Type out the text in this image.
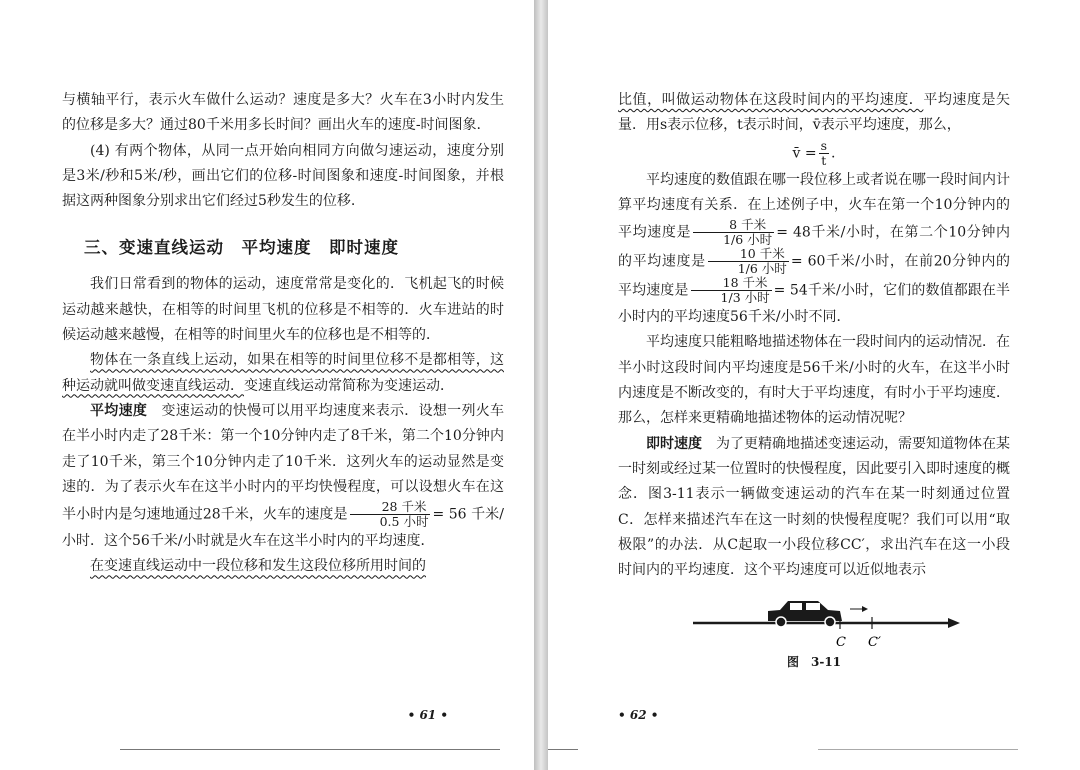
与横轴平行，表示火车做什么运动？速度是多大？火车在3小时内发生的位移是多大？通过80千米用多长时间？画出火车的速度-时间图象.

(4) 有两个物体，从同一点开始向相同方向做匀速运动，速度分别是3米/秒和5米/秒，画出它们的位移-时间图象和速度-时间图象，并根据这两种图象分别求出它们经过5秒发生的位移.

三、变速直线运动　平均速度　即时速度

我们日常看到的物体的运动，速度常常是变化的．飞机起飞的时候运动越来越快，在相等的时间里飞机的位移是不相等的．火车进站的时候运动越来越慢，在相等的时间里火车的位移也是不相等的．

物体在一条直线上运动，如果在相等的时间里位移不是都相等，这种运动就叫做变速直线运动．变速直线运动常简称为变速运动．

平均速度　 变速运动的快慢可以用平均速度来表示．设想一列火车在半小时内走了28千米：第一个10分钟内走了8千米，第二个10分钟内走了10千米，第三个10分钟内走了10千米．这列火车的运动显然是变速的．为了表示火车在这半小时内的平均快慢程度，可以设想火车在这半小时内是匀速地通过28千米，火车的速度是 $\frac{\text{28 千米}}{\text{0.5 小时}} = 56$ 千米/小时．这个56千米/小时就是火车在这半小时内的平均速度．

在变速直线运动中一段位移和发生这段位移所用时间的

• 61 •

比值，叫做运动物体在这段时间内的平均速度．平均速度是矢量．用s表示位移，t表示时间，v̄表示平均速度，那么，

v̄ = $\frac{s}{t}$ .

平均速度的数值跟在哪一段位移上或者说在哪一段时间内计算平均速度有关系．在上述例子中，火车在第一个10分钟内的平均速度是 $\frac{\text{8 千米}}{\text{1/6 小时}} = 48$千米/小时，在第二个10分钟内的平均速度是 $\frac{\text{10 千米}}{\text{1/6 小时}} = 60$千米/小时，在前20分钟内的平均速度是 $\frac{\text{18 千米}}{\text{1/3 小时}} = 54$千米/小时，它们的数值都跟在半小时内的平均速度56千米/小时不同．

平均速度只能粗略地描述物体在一段时间内的运动情况．在半小时这段时间内平均速度是56千米/小时的火车，在这半小时内速度是不断改变的，有时大于平均速度，有时小于平均速度．那么，怎样来更精确地描述物体的运动情况呢？

即时速度　 为了更精确地描述变速运动，需要知道物体在某一时刻或经过某一位置时的快慢程度，因此要引入即时速度的概念．图3-11表示一辆做变速运动的汽车在某一时刻通过位置C．怎样来描述汽车在这一时刻的快慢程度呢？我们可以用“取极限”的办法．从C起取一小段位移CC′，求出汽车在这一小段时间内的平均速度．这个平均速度可以近似地表示

C C′
图　3-11
• 62 •
